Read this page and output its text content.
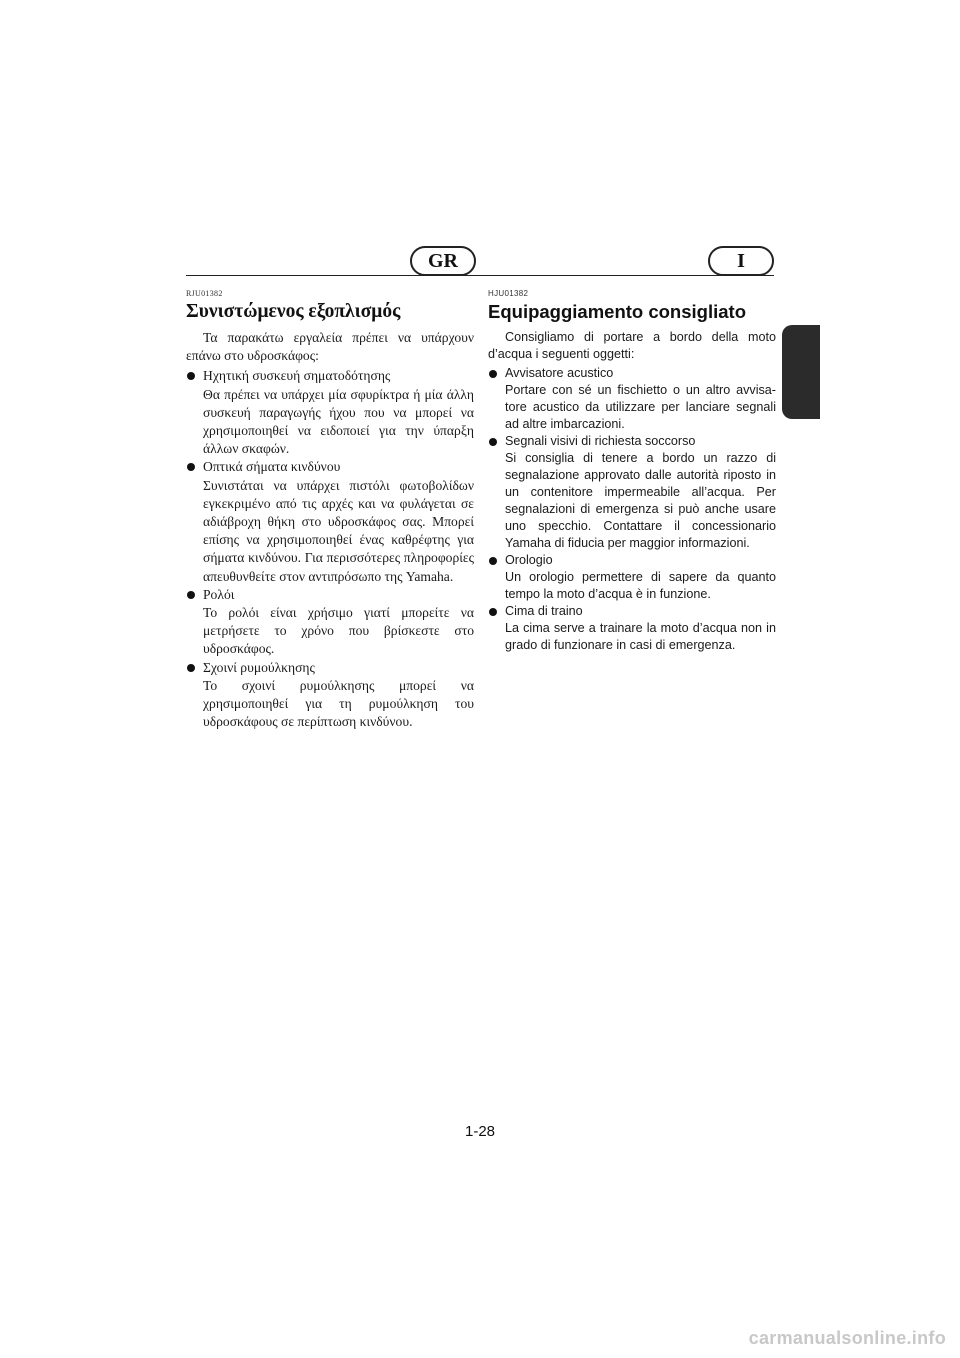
GR	I
RJU01382
Συνιστώμενος εξοπλισμός

Τα παρακάτω εργαλεία πρέπει να υπάρχουν επάνω στο υδροσκάφος:

Ηχητική συσκευή σηματοδότησης
Θα πρέπει να υπάρχει μία σφυρίκτρα ή μία άλλη συσκευή παραγωγής ήχου που να μπορεί να χρησιμοποιηθεί να ειδοποιεί για την ύπαρξη άλλων σκαφών.
Οπτικά σήματα κινδύνου
Συνιστάται να υπάρχει πιστόλι φωτοβολίδων εγκεκριμένο από τις αρχές και να φυλάγεται σε αδιάβροχη θήκη στο υδροσκάφος σας. Μπορεί επίσης να χρησιμοποιηθεί ένας καθρέφτης για σήματα κινδύνου. Για περισσότερες πληροφορίες απευθυνθείτε στον αντιπρόσωπο της Yamaha.
Ρολόι
Το ρολόι είναι χρήσιμο γιατί μπορείτε να μετρήσετε το χρόνο που βρίσκεστε στο υδροσκάφος.
Σχοινί ρυμούλκησης
Το σχοινί ρυμούλκησης μπορεί να χρησιμοποιηθεί για τη ρυμούλκηση του υδροσκάφους σε περίπτωση κινδύνου.
HJU01382
Equipaggiamento consigliato

Consigliamo di portare a bordo della moto d’acqua i seguenti oggetti:

Avvisatore acustico
Portare con sé un fischietto o un altro avvisa-tore acustico da utilizzare per lanciare segnali ad altre imbarcazioni.
Segnali visivi di richiesta soccorso
Si consiglia di tenere a bordo un razzo di segnalazione approvato dalle autorità riposto in un contenitore impermeabile all’acqua. Per segnalazioni di emergenza si può anche usare uno specchio. Contattare il concessionario Yamaha di fiducia per maggior informazioni.
Orologio
Un orologio permettere di sapere da quanto tempo la moto d’acqua è in funzione.
Cima di traino
La cima serve a trainare la moto d’acqua non in grado di funzionare in casi di emergenza.
1-28
carmanualsonline.info
